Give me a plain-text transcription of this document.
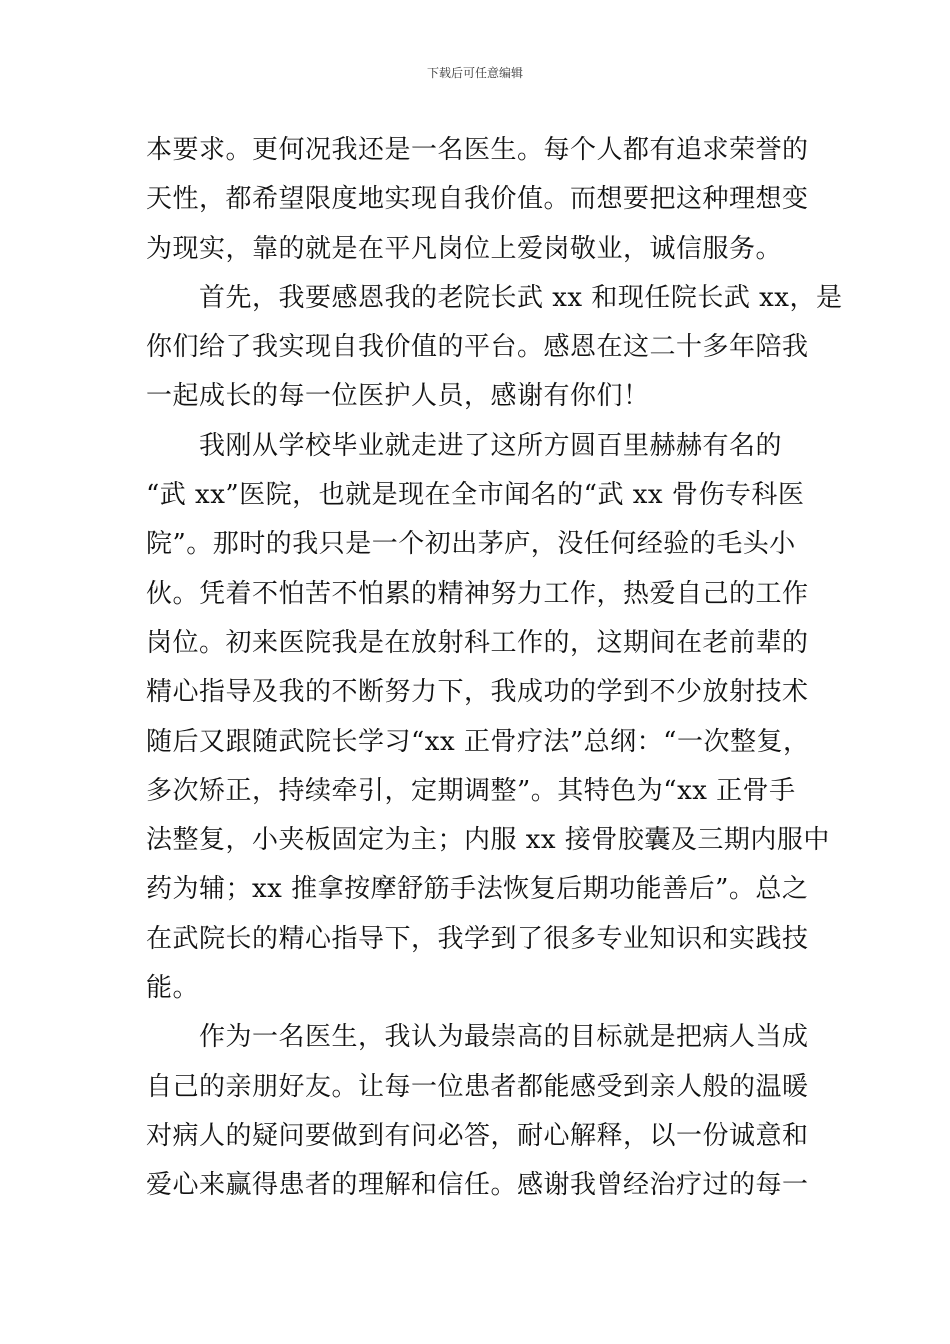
下载后可任意编辑
本要求。更何况我还是一名医生。每个人都有追求荣誉的
天性，都希望限度地实现自我价值。而想要把这种理想变
为现实，靠的就是在平凡岗位上爱岗敬业，诚信服务。
首先，我要感恩我的老院长武 xx 和现任院长武 xx，是
你们给了我实现自我价值的平台。感恩在这二十多年陪我
一起成长的每一位医护人员，感谢有你们！
我刚从学校毕业就走进了这所方圆百里赫赫有名的
“武 xx”医院，也就是现在全市闻名的“武 xx 骨伤专科医
院”。那时的我只是一个初出茅庐，没任何经验的毛头小
伙。凭着不怕苦不怕累的精神努力工作，热爱自己的工作
岗位。初来医院我是在放射科工作的，这期间在老前辈的
精心指导及我的不断努力下，我成功的学到不少放射技术
随后又跟随武院长学习“xx 正骨疗法”总纲：“一次整复，
多次矫正，持续牵引，定期调整”。其特色为“xx 正骨手
法整复，小夹板固定为主；内服 xx 接骨胶囊及三期内服中
药为辅；xx 推拿按摩舒筋手法恢复后期功能善后”。总之
在武院长的精心指导下，我学到了很多专业知识和实践技
能。
作为一名医生，我认为最崇高的目标就是把病人当成
自己的亲朋好友。让每一位患者都能感受到亲人般的温暖
对病人的疑问要做到有问必答，耐心解释，以一份诚意和
爱心来赢得患者的理解和信任。感谢我曾经治疗过的每一
